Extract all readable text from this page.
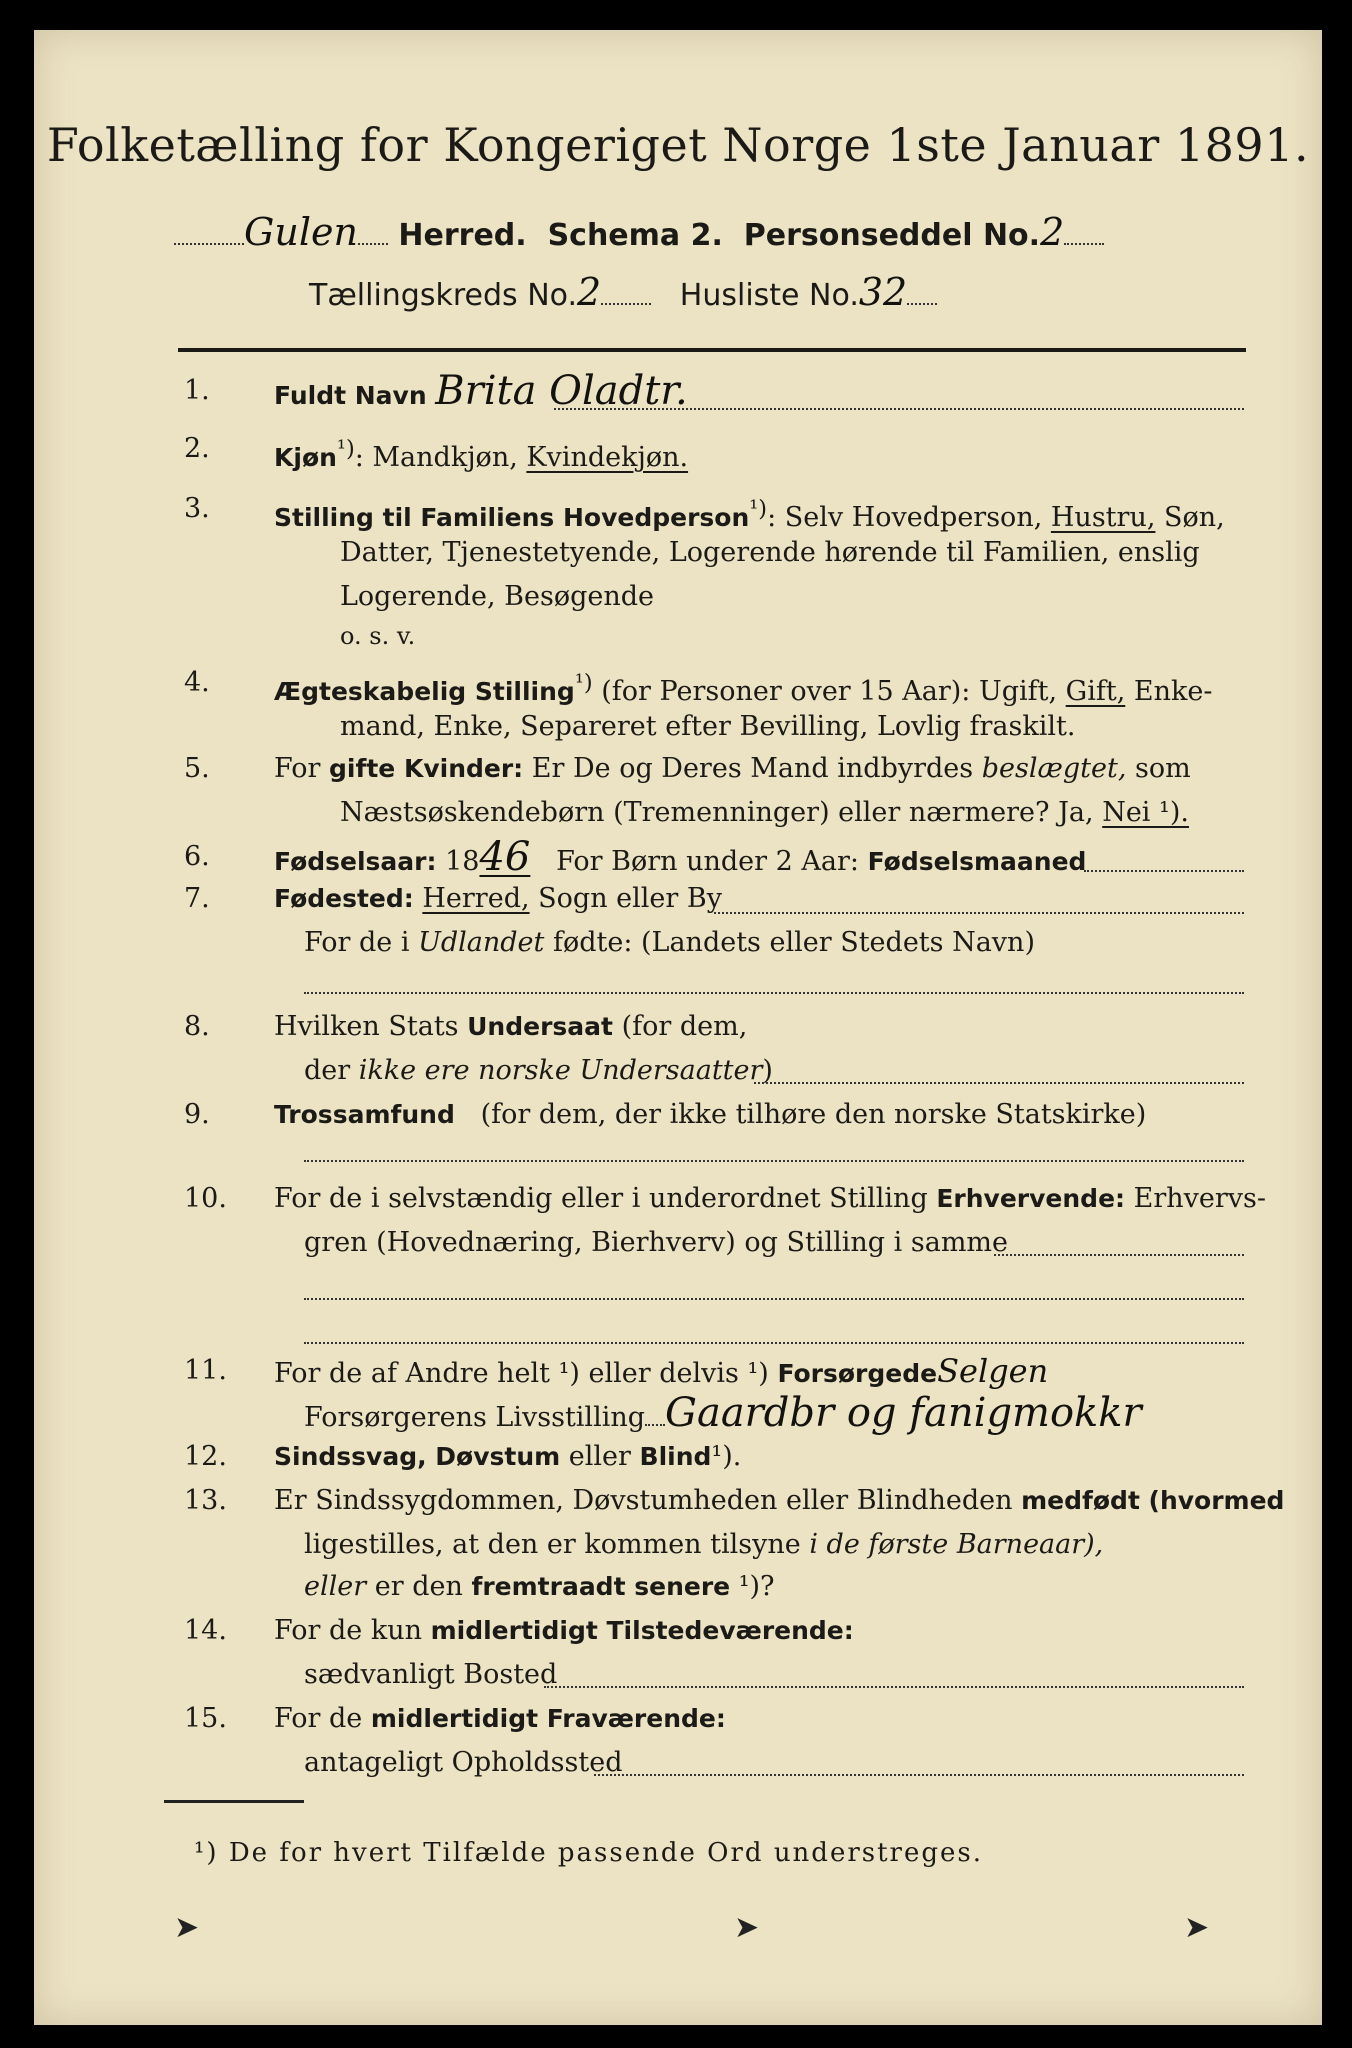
Folketælling for Kongeriget Norge 1ste Januar 1891.
Gulen Herred. Schema 2. Personseddel No.2
Tællingskreds No.2	Husliste No.32
1.	Fuldt Navn Brita Oladtr.
2.	Kjøn$^{^1)}$: Mandkjøn, Kvindekjøn.
3.	Stilling til Familiens Hovedperson$^{^1)}$: Selv Hovedperson, Hustru, Søn,
Datter, Tjenestetyende, Logerende hørende til Familien, enslig
Logerende, Besøgende
o. s. v.
4.	Ægteskabelig Stilling$^{^1)}$ (for Personer over 15 Aar): Ugift, Gift, Enke-
mand, Enke, Separeret efter Bevilling, Lovlig fraskilt.
5.	For gifte Kvinder: Er De og Deres Mand indbyrdes beslægtet, som
Næstsøskendebørn (Tremenninger) eller nærmere? Ja, Nei ¹).
6.	Fødselsaar: 1846 For Børn under 2 Aar: Fødselsmaaned
7.	Fødested: Herred, Sogn eller By
For de i Udlandet fødte: (Landets eller Stedets Navn)
8.	Hvilken Stats Undersaat (for dem,
der ikke ere norske Undersaatter)
9.	Trossamfund (for dem, der ikke tilhøre den norske Statskirke)
10.	For de i selvstændig eller i underordnet Stilling Erhvervende: Erhvervs-
gren (Hovednæring, Bierhverv) og Stilling i samme
11.	For de af Andre helt ¹) eller delvis ¹) ForsørgedeSelgen
Forsørgerens Livsstilling Gaardbr og fanigmokkr
12.	Sindssvag, Døvstum eller Blind¹).
13.	Er Sindssygdommen, Døvstumheden eller Blindheden medfødt (hvormed
ligestilles, at den er kommen tilsyne i de første Barneaar),
eller er den fremtraadt senere ¹)?
14.	For de kun midlertidigt Tilstedeværende:
sædvanligt Bosted
15.	For de midlertidigt Fraværende:
antageligt Opholdssted
¹) De for hvert Tilfælde passende Ord understreges.
➤	➤	➤
